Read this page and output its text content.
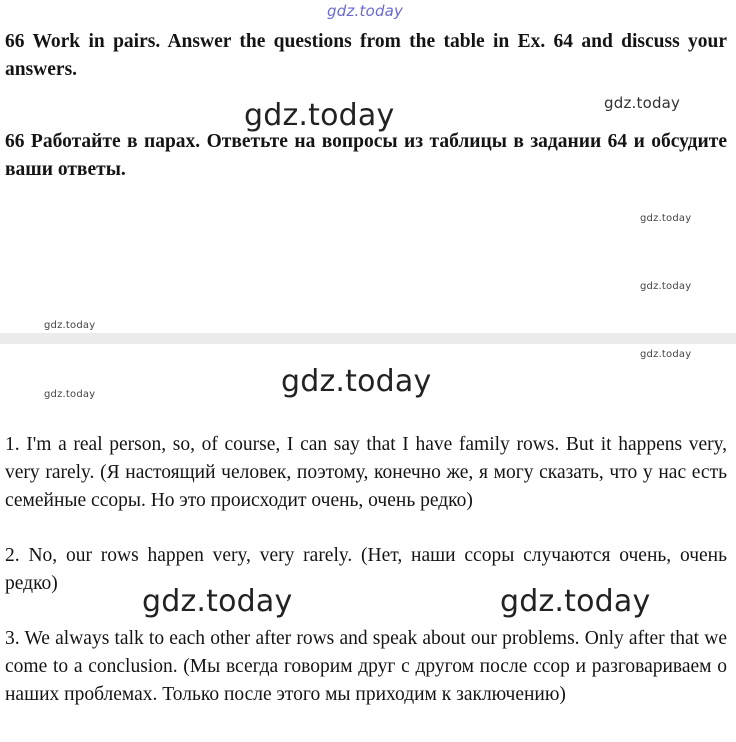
gdz.today

66 Work in pairs. Answer the questions from the table in Ex. 64 and discuss your answers.

gdz.today	gdz.today

66 Работайте в парах. Ответьте на вопросы из таблицы в задании 64 и обсудите ваши ответы.

gdz.today
gdz.today
gdz.today
gdz.today
gdz.today
gdz.today

1. I'm a real person, so, of course, I can say that I have family rows. But it happens very, very rarely. (Я настоящий человек, поэтому, конечно же, я могу сказать, что у нас есть семейные ссоры. Но это происходит очень, очень редко)

2. No, our rows happen very, very rarely. (Нет, наши ссоры случаются очень, очень редко)

gdz.today	gdz.today

3. We always talk to each other after rows and speak about our problems. Only after that we come to a conclusion. (Мы всегда говорим друг с другом после ссор и разговариваем о наших проблемах. Только после этого мы приходим к заключению)
